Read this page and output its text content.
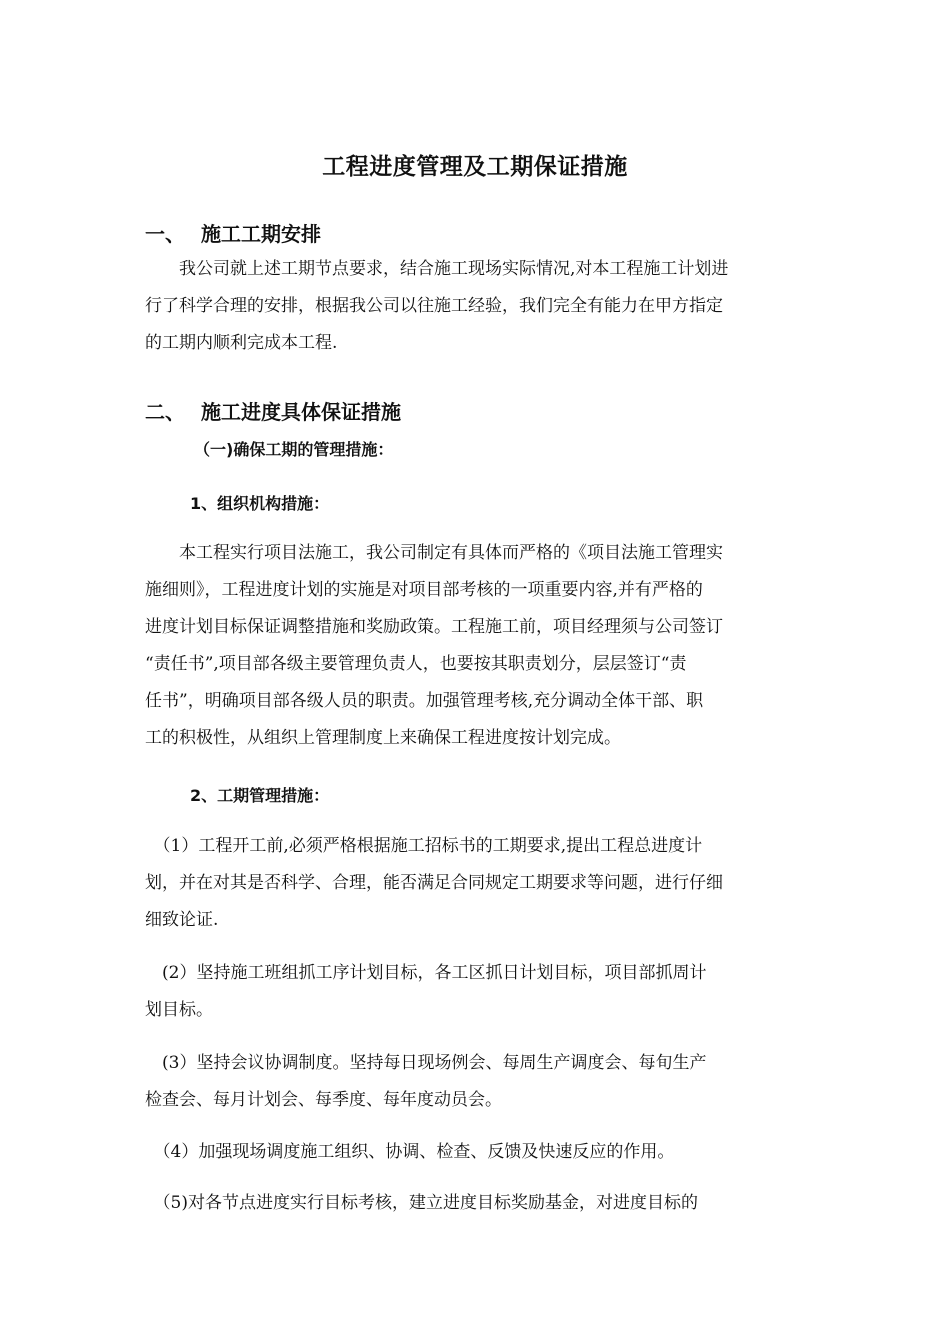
工程进度管理及工期保证措施
一、 施工工期安排

　　我公司就上述工期节点要求，结合施工现场实际情况,对本工程施工计划进
行了科学合理的安排，根据我公司以往施工经验，我们完全有能力在甲方指定
的工期内顺利完成本工程.

二、 施工进度具体保证措施
（一)确保工期的管理措施：
1、组织机构措施：

　　本工程实行项目法施工，我公司制定有具体而严格的《项目法施工管理实
施细则》，工程进度计划的实施是对项目部考核的一项重要内容,并有严格的
进度计划目标保证调整措施和奖励政策。工程施工前，项目经理须与公司签订
“责任书”,项目部各级主要管理负责人，也要按其职责划分，层层签订“责
任书”，明确项目部各级人员的职责。加强管理考核,充分调动全体干部、职
工的积极性，从组织上管理制度上来确保工程进度按计划完成。

2、工期管理措施：

　（1）工程开工前,必须严格根据施工招标书的工期要求,提出工程总进度计
划，并在对其是否科学、合理，能否满足合同规定工期要求等问题，进行仔细
细致论证.

　(2）坚持施工班组抓工序计划目标，各工区抓日计划目标，项目部抓周计
划目标。

　(3）坚持会议协调制度。坚持每日现场例会、每周生产调度会、每旬生产
检查会、每月计划会、每季度、每年度动员会。

　（4）加强现场调度施工组织、协调、检查、反馈及快速反应的作用。

　（5)对各节点进度实行目标考核，建立进度目标奖励基金，对进度目标的
